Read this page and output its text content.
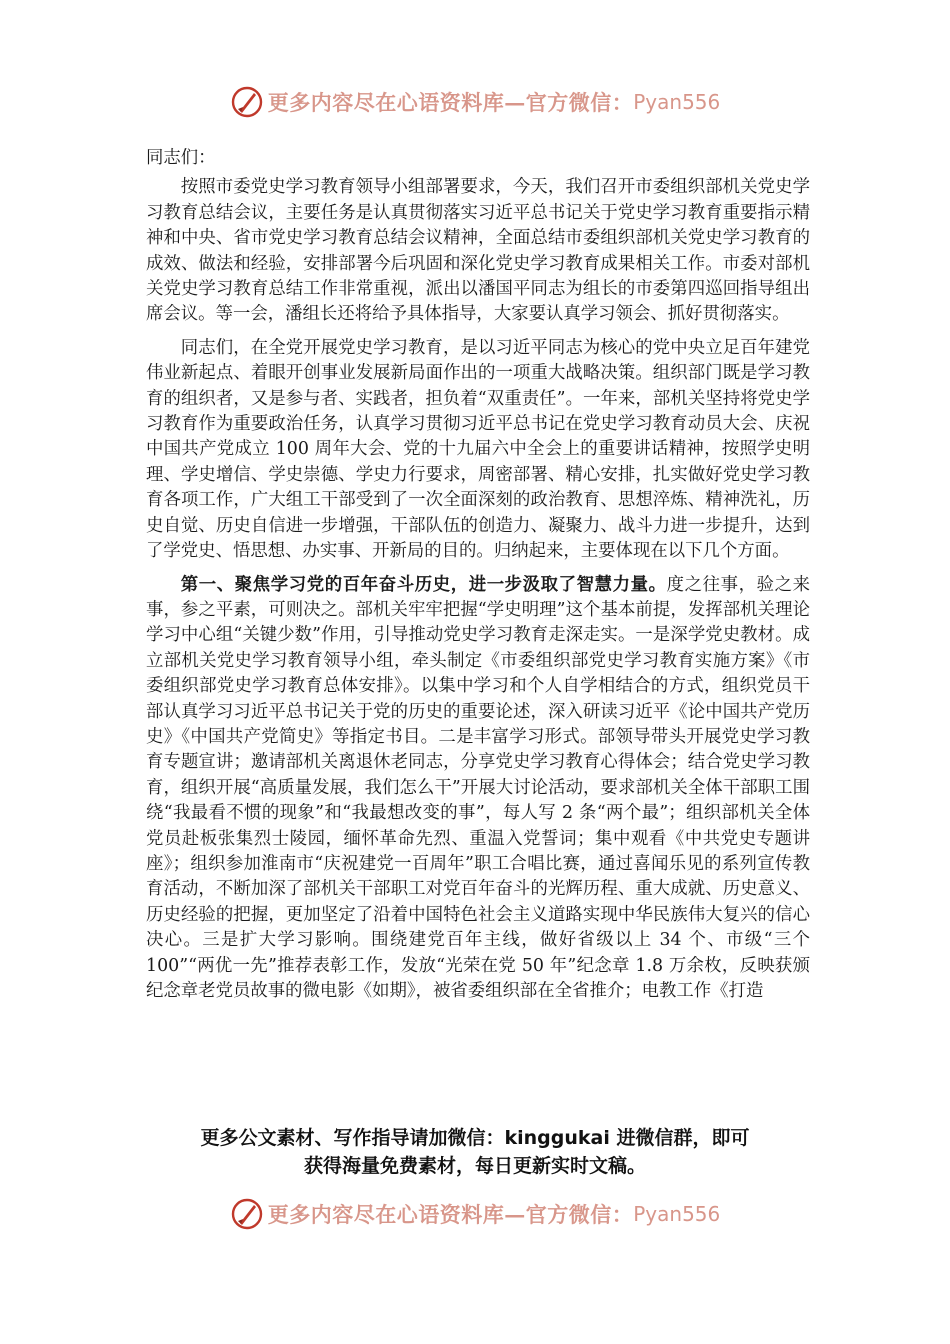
更多内容尽在心语资料库—官方微信： Pyan556

同志们：

按照市委党史学习教育领导小组部署要求，今天，我们召开市委组织部机关党史学习教育总结会议，主要任务是认真贯彻落实习近平总书记关于党史学习教育重要指示精神和中央、省市党史学习教育总结会议精神，全面总结市委组织部机关党史学习教育的成效、做法和经验，安排部署今后巩固和深化党史学习教育成果相关工作。市委对部机关党史学习教育总结工作非常重视，派出以潘国平同志为组长的市委第四巡回指导组出席会议。等一会，潘组长还将给予具体指导，大家要认真学习领会、抓好贯彻落实。

同志们，在全党开展党史学习教育，是以习近平同志为核心的党中央立足百年建党伟业新起点、着眼开创事业发展新局面作出的一项重大战略决策。组织部门既是学习教育的组织者，又是参与者、实践者，担负着“双重责任”。一年来，部机关坚持将党史学习教育作为重要政治任务，认真学习贯彻习近平总书记在党史学习教育动员大会、庆祝中国共产党成立 100 周年大会、党的十九届六中全会上的重要讲话精神，按照学史明理、学史增信、学史崇德、学史力行要求，周密部署、精心安排，扎实做好党史学习教育各项工作，广大组工干部受到了一次全面深刻的政治教育、思想淬炼、精神洗礼，历史自觉、历史自信进一步增强，干部队伍的创造力、凝聚力、战斗力进一步提升，达到了学党史、悟思想、办实事、开新局的目的。归纳起来，主要体现在以下几个方面。

第一、聚焦学习党的百年奋斗历史，进一步汲取了智慧力量。度之往事，验之来事，参之平素，可则决之。部机关牢牢把握“学史明理”这个基本前提，发挥部机关理论学习中心组“关键少数”作用，引导推动党史学习教育走深走实。一是深学党史教材。成立部机关党史学习教育领导小组，牵头制定《市委组织部党史学习教育实施方案》《市委组织部党史学习教育总体安排》。以集中学习和个人自学相结合的方式，组织党员干部认真学习习近平总书记关于党的历史的重要论述，深入研读习近平《论中国共产党历史》《中国共产党简史》等指定书目。二是丰富学习形式。部领导带头开展党史学习教育专题宣讲；邀请部机关离退休老同志，分享党史学习教育心得体会；结合党史学习教育，组织开展“高质量发展，我们怎么干”开展大讨论活动，要求部机关全体干部职工围绕“我最看不惯的现象”和“我最想改变的事”，每人写 2 条“两个最”；组织部机关全体党员赴板张集烈士陵园，缅怀革命先烈、重温入党誓词；集中观看《中共党史专题讲座》；组织参加淮南市“庆祝建党一百周年”职工合唱比赛，通过喜闻乐见的系列宣传教育活动，不断加深了部机关干部职工对党百年奋斗的光辉历程、重大成就、历史意义、历史经验的把握，更加坚定了沿着中国特色社会主义道路实现中华民族伟大复兴的信心决心。三是扩大学习影响。围绕建党百年主线，做好省级以上 34 个、市级“三个 100”“两优一先”推荐表彰工作，发放“光荣在党 50 年”纪念章 1.8 万余枚，反映获颁纪念章老党员故事的微电影《如期》，被省委组织部在全省推介；电教工作《打造

更多公文素材、写作指导请加微信：kinggukai 进微信群，即可
获得海量免费素材，每日更新实时文稿。
更多内容尽在心语资料库—官方微信： Pyan556
